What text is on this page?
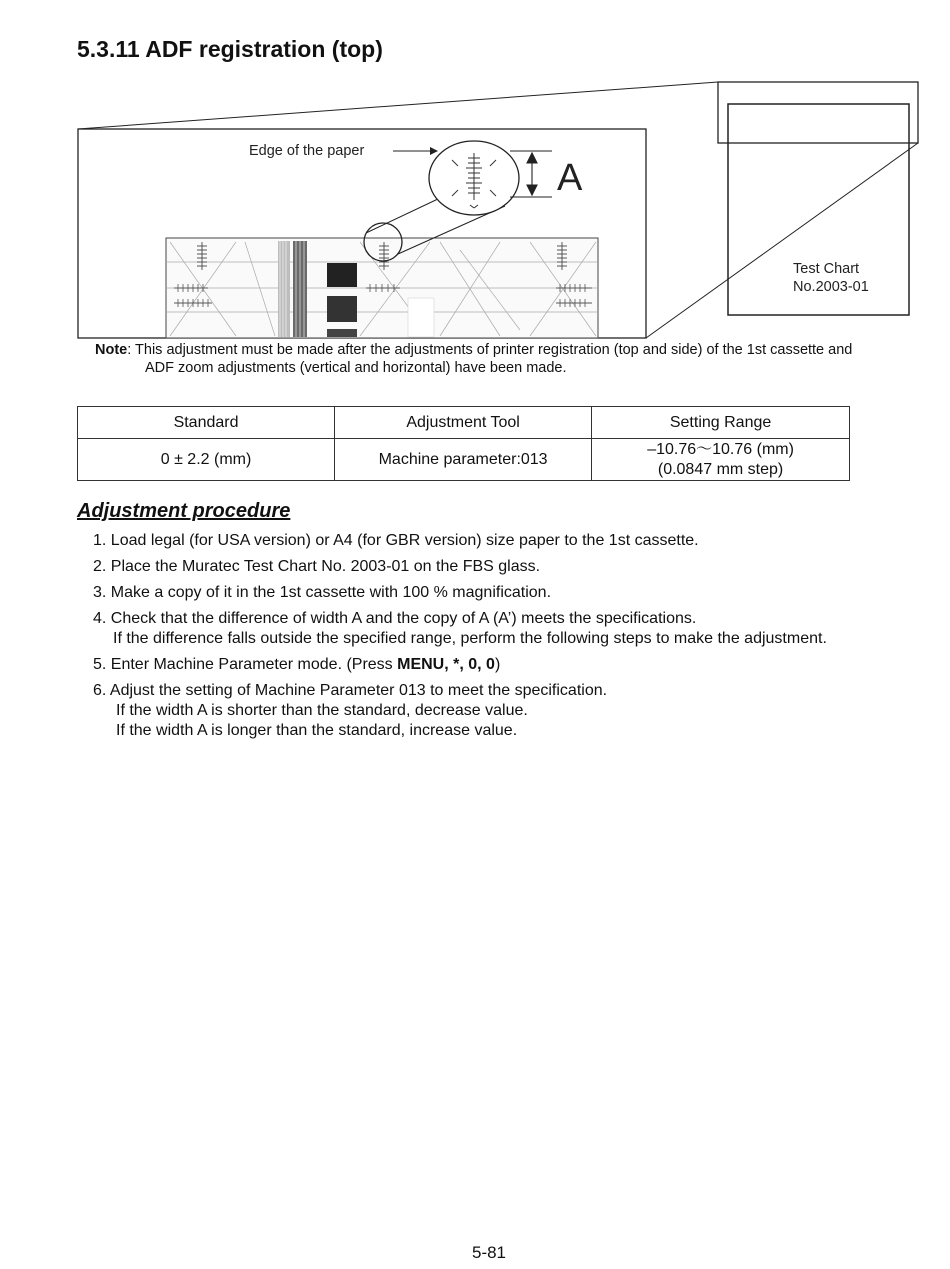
5.3.11 ADF registration (top)
Test Chart
No.2003-01
Edge of the paper
A
Note: This adjustment must be made after the adjustments of printer registration (top and side) of the 1st cassette and
ADF zoom adjustments (vertical and horizontal) have been made.
Standard	Adjustment Tool	Setting Range
0 ± 2.2 (mm)	Machine parameter:013	–10.76〜10.76 (mm)
(0.0847 mm step)
Adjustment procedure
1. Load legal (for USA version) or A4 (for GBR version) size paper to the 1st cassette.
2. Place the Muratec Test Chart No. 2003-01 on the FBS glass.
3. Make a copy of it in the 1st cassette with 100 % magnification.
4. Check that the difference of width A and the copy of A (A’) meets the specifications.
If the difference falls outside the specified range, perform the following steps to make the adjustment.
5. Enter Machine Parameter mode. (Press MENU, *, 0, 0)
6. Adjust the setting of Machine Parameter 013 to meet the specification.
If the width A is shorter than the standard, decrease value.
If the width A is longer than the standard, increase value.
5-81
